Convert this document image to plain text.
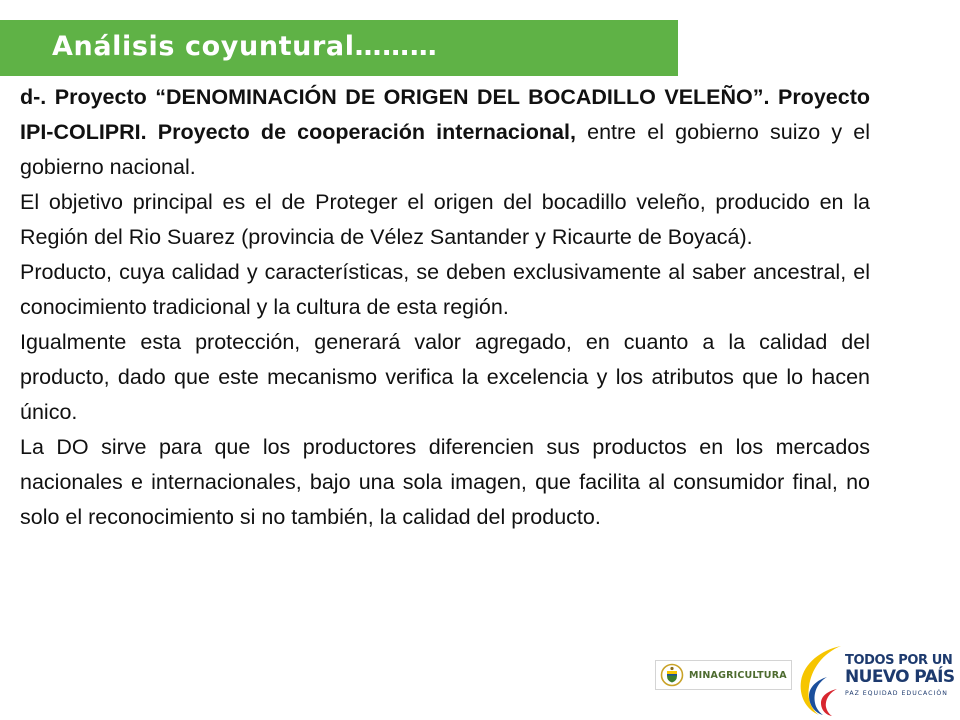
Análisis coyuntural………

d-. Proyecto “DENOMINACIÓN DE ORIGEN DEL BOCADILLO VELEÑO”. Proyecto IPI-COLIPRI. Proyecto de cooperación internacional, entre el gobierno suizo y el gobierno nacional.

El objetivo principal es el de Proteger el origen del bocadillo veleño, producido en la Región del Rio Suarez (provincia de Vélez Santander y Ricaurte de Boyacá).

Producto, cuya calidad y características, se deben exclusivamente al saber ancestral, el conocimiento tradicional y la cultura de esta región.

Igualmente esta protección, generará valor agregado, en cuanto a la calidad del producto, dado que este mecanismo verifica la excelencia y los atributos que lo hacen único.

La DO sirve para que los productores diferencien sus productos en los mercados nacionales e internacionales, bajo una sola imagen, que facilita al consumidor final, no solo el reconocimiento si no también, la calidad del producto.

MINAGRICULTURA
TODOS POR UN
NUEVO PAÍS
PAZ EQUIDAD EDUCACIÓN
